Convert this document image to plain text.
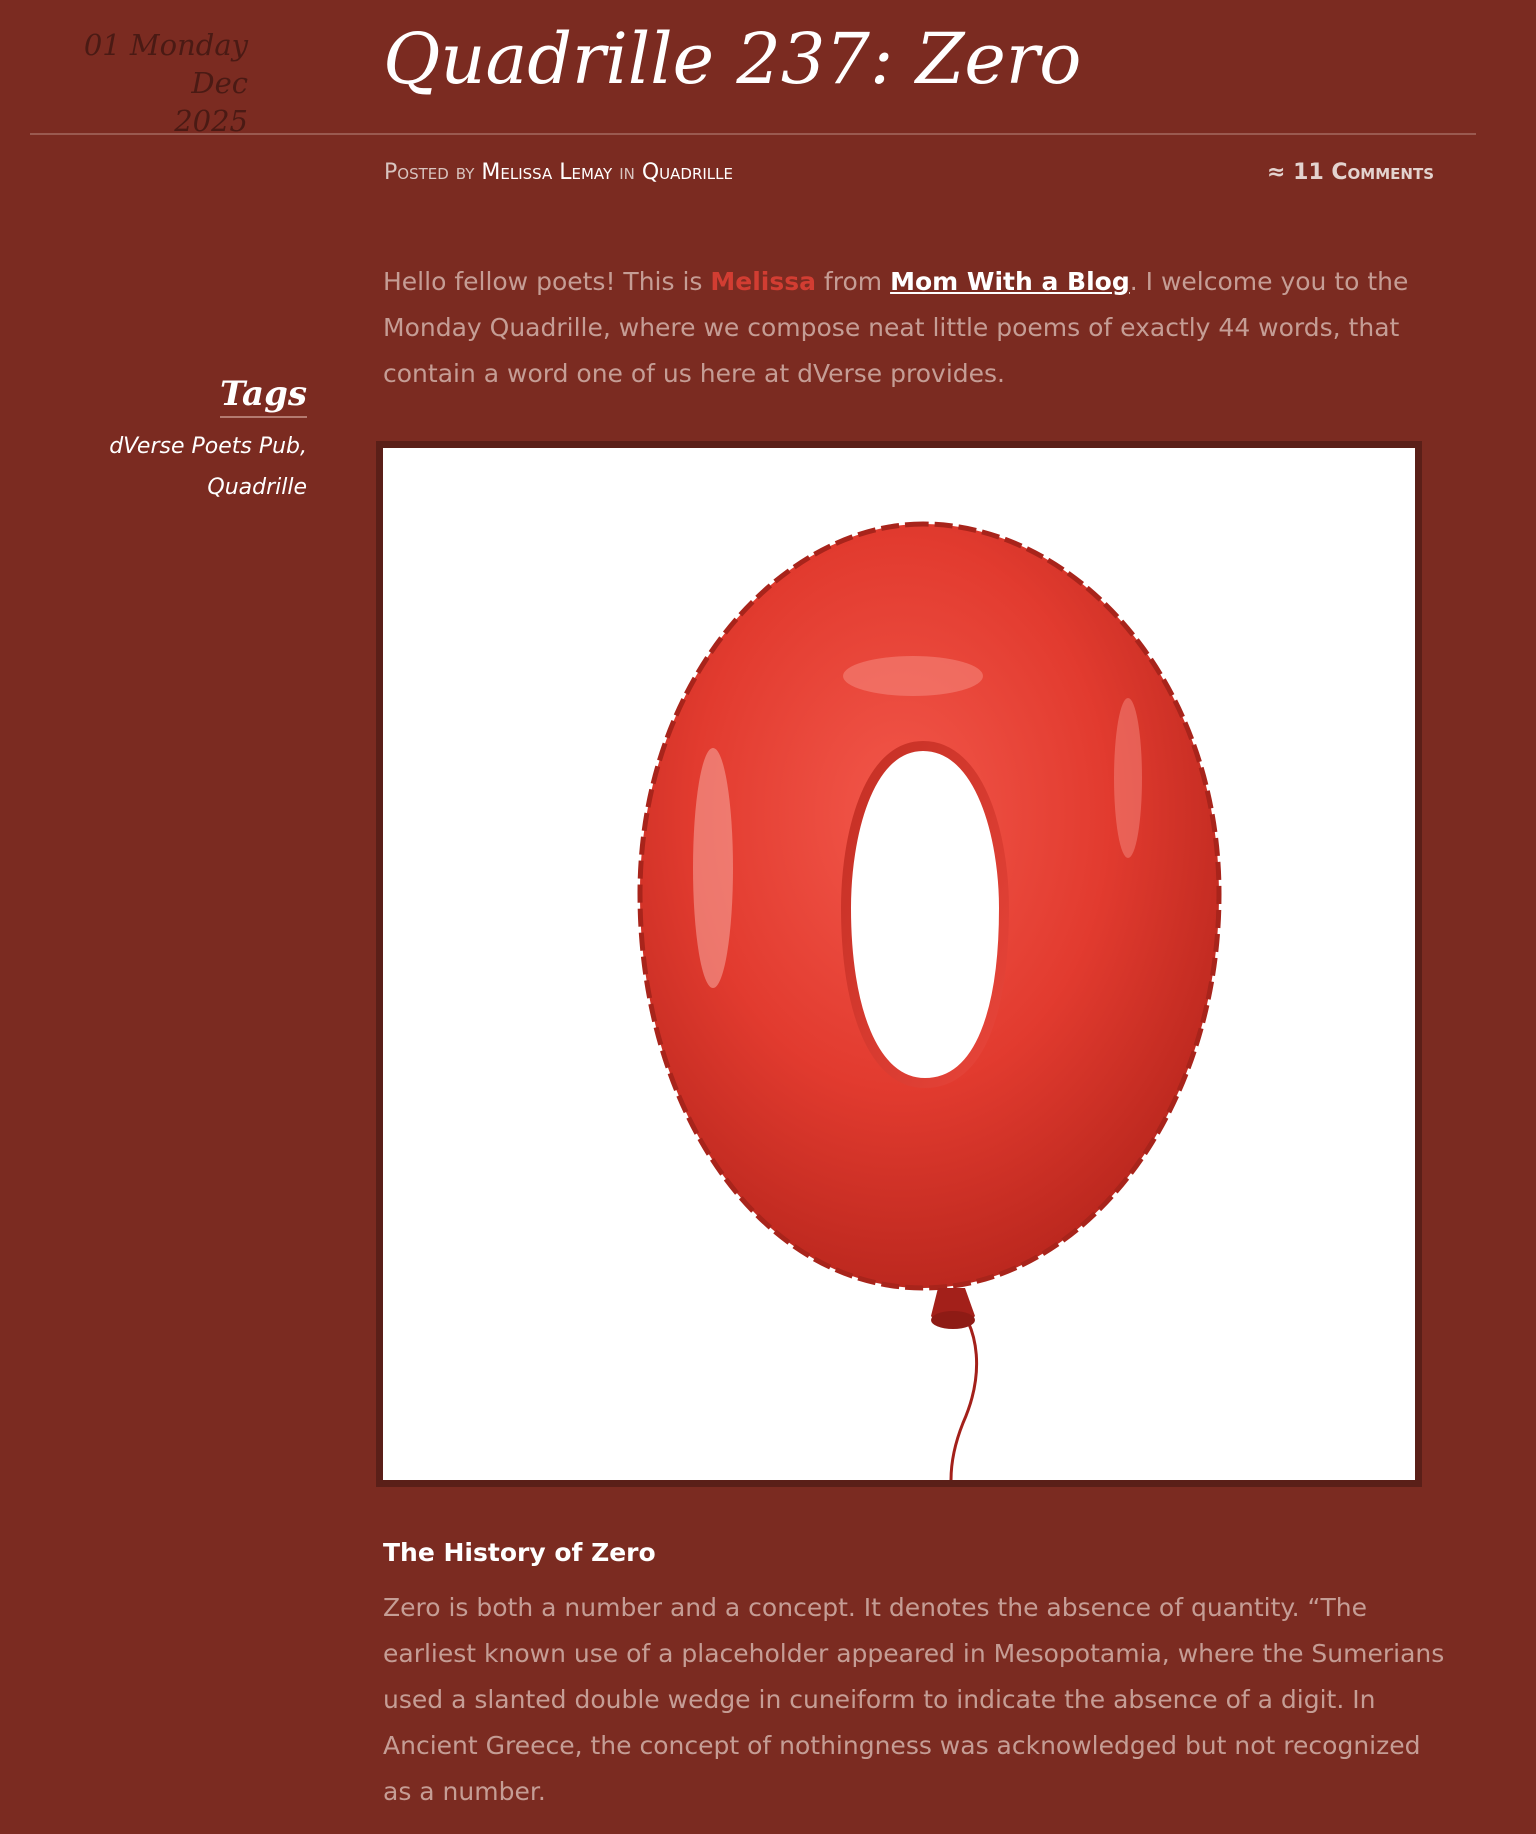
01 Monday Dec
2025
Quadrille 237: Zero
Posted by Melissa Lemay in Quadrille	≈ 11 Comments
Tags
dVerse Poets Pub,
Quadrille

Hello fellow poets! This is Melissa from Mom With a Blog. I welcome you to the Monday Quadrille, where we compose neat little poems of exactly 44 words, that contain a word one of us here at dVerse provides.

The History of Zero

Zero is both a number and a concept. It denotes the absence of quantity. “The earliest known use of a placeholder appeared in Mesopotamia, where the Sumerians used a slanted double wedge in cuneiform to indicate the absence of a digit. In Ancient Greece, the concept of nothingness was acknowledged but not recognized as a number.
